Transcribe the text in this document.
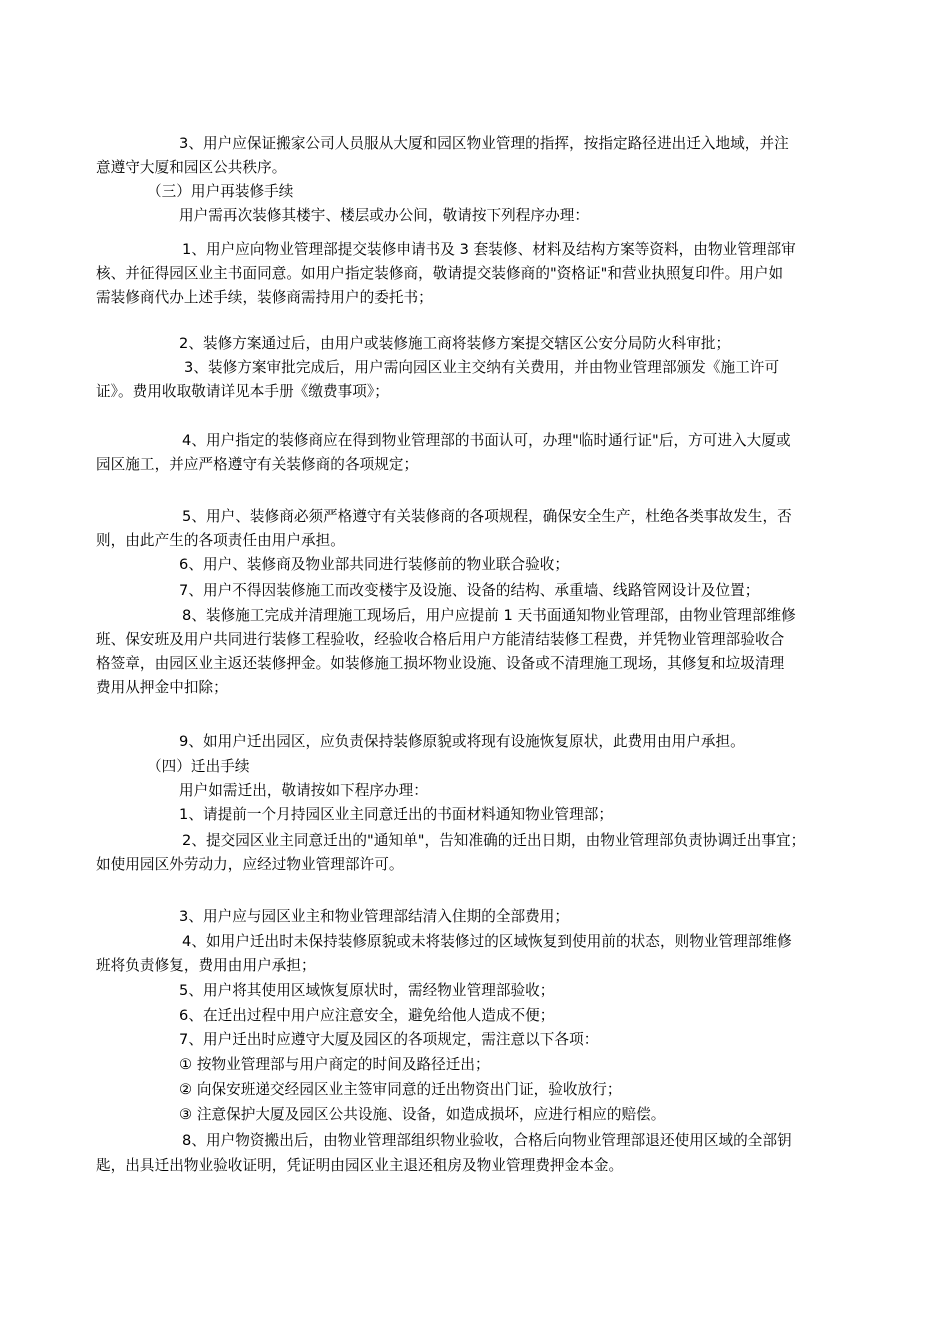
3、用户应保证搬家公司人员服从大厦和园区物业管理的指挥，按指定路径进出迁入地域，并注
意遵守大厦和园区公共秩序。
（三）用户再装修手续
用户需再次装修其楼宇、楼层或办公间，敬请按下列程序办理：
1、用户应向物业管理部提交装修申请书及 3 套装修、材料及结构方案等资料，由物业管理部审
核、并征得园区业主书面同意。如用户指定装修商，敬请提交装修商的"资格证"和营业执照复印件。用户如
需装修商代办上述手续，装修商需持用户的委托书；
2、装修方案通过后，由用户或装修施工商将装修方案提交辖区公安分局防火科审批；
3、装修方案审批完成后，用户需向园区业主交纳有关费用，并由物业管理部颁发《施工许可
证》。费用收取敬请详见本手册《缴费事项》；
4、用户指定的装修商应在得到物业管理部的书面认可，办理"临时通行证"后，方可进入大厦或
园区施工，并应严格遵守有关装修商的各项规定；
5、用户、装修商必须严格遵守有关装修商的各项规程，确保安全生产，杜绝各类事故发生，否
则，由此产生的各项责任由用户承担。
6、用户、装修商及物业部共同进行装修前的物业联合验收；
7、用户不得因装修施工而改变楼宇及设施、设备的结构、承重墙、线路管网设计及位置；
8、装修施工完成并清理施工现场后，用户应提前 1 天书面通知物业管理部，由物业管理部维修
班、保安班及用户共同进行装修工程验收，经验收合格后用户方能清结装修工程费，并凭物业管理部验收合
格签章，由园区业主返还装修押金。如装修施工损坏物业设施、设备或不清理施工现场，其修复和垃圾清理
费用从押金中扣除；
9、如用户迁出园区，应负责保持装修原貌或将现有设施恢复原状，此费用由用户承担。
（四）迁出手续
用户如需迁出，敬请按如下程序办理：
1、请提前一个月持园区业主同意迁出的书面材料通知物业管理部；
2、提交园区业主同意迁出的"通知单"，告知准确的迁出日期，由物业管理部负责协调迁出事宜；
如使用园区外劳动力，应经过物业管理部许可。
3、用户应与园区业主和物业管理部结清入住期的全部费用；
4、如用户迁出时未保持装修原貌或未将装修过的区域恢复到使用前的状态，则物业管理部维修
班将负责修复，费用由用户承担；
5、用户将其使用区域恢复原状时，需经物业管理部验收；
6、在迁出过程中用户应注意安全，避免给他人造成不便；
7、用户迁出时应遵守大厦及园区的各项规定，需注意以下各项：
① 按物业管理部与用户商定的时间及路径迁出；
② 向保安班递交经园区业主签审同意的迁出物资出门证，验收放行；
③ 注意保护大厦及园区公共设施、设备，如造成损坏，应进行相应的赔偿。
8、用户物资搬出后，由物业管理部组织物业验收，合格后向物业管理部退还使用区域的全部钥
匙，出具迁出物业验收证明，凭证明由园区业主退还租房及物业管理费押金本金。
